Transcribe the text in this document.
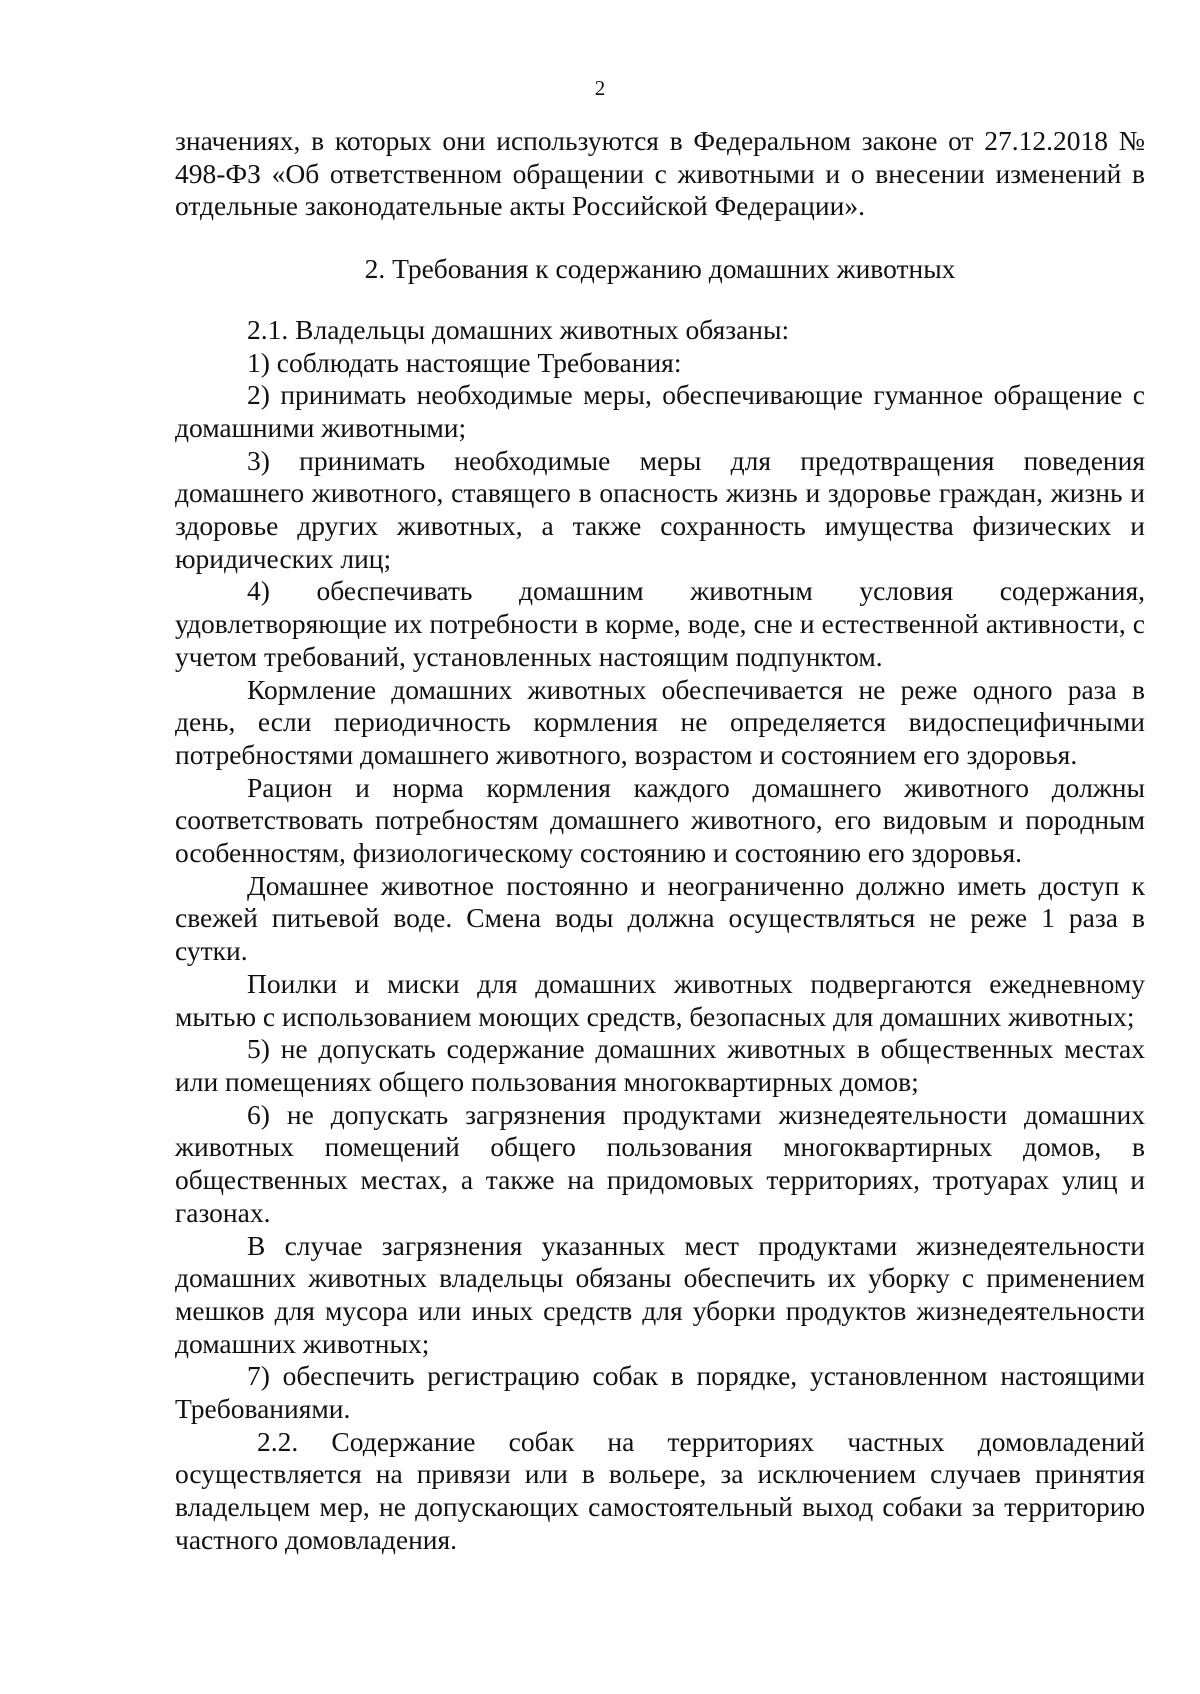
2

значениях, в которых они используются в Федеральном законе от 27.12.2018 № 498-ФЗ «Об ответственном обращении с животными и о внесении изменений в отдельные законодательные акты Российской Федерации».

2. Требования к содержанию домашних животных

2.1. Владельцы домашних животных обязаны:

1) соблюдать настоящие Требования:

2) принимать необходимые меры, обеспечивающие гуманное обращение с домашними животными;

3) принимать необходимые меры для предотвращения поведения домашнего животного, ставящего в опасность жизнь и здоровье граждан, жизнь и здоровье других животных, а также сохранность имущества физических и юридических лиц;

4) обеспечивать домашним животным условия содержания, удовлетворяющие их потребности в корме, воде, сне и естественной активности, с учетом требований, установленных настоящим подпунктом.

Кормление домашних животных обеспечивается не реже одного раза в день, если периодичность кормления не определяется видоспецифичными потребностями домашнего животного, возрастом и состоянием его здоровья.

Рацион и норма кормления каждого домашнего животного должны соответствовать потребностям домашнего животного, его видовым и породным особенностям, физиологическому состоянию и состоянию его здоровья.

Домашнее животное постоянно и неограниченно должно иметь доступ к свежей питьевой воде. Смена воды должна осуществляться не реже 1 раза в сутки.

Поилки и миски для домашних животных подвергаются ежедневному мытью с использованием моющих средств, безопасных для домашних животных;

5) не допускать содержание домашних животных в общественных местах или помещениях общего пользования многоквартирных домов;

6) не допускать загрязнения продуктами жизнедеятельности домашних животных помещений общего пользования многоквартирных домов, в общественных местах, а также на придомовых территориях, тротуарах улиц и газонах.

В случае загрязнения указанных мест продуктами жизнедеятельности домашних животных владельцы обязаны обеспечить их уборку с применением мешков для мусора или иных средств для уборки продуктов жизнедеятельности домашних животных;

7) обеспечить регистрацию собак в порядке, установленном настоящими Требованиями.

2.2. Содержание собак на территориях частных домовладений осуществляется на привязи или в вольере, за исключением случаев принятия владельцем мер, не допускающих самостоятельный выход собаки за территорию частного домовладения.
